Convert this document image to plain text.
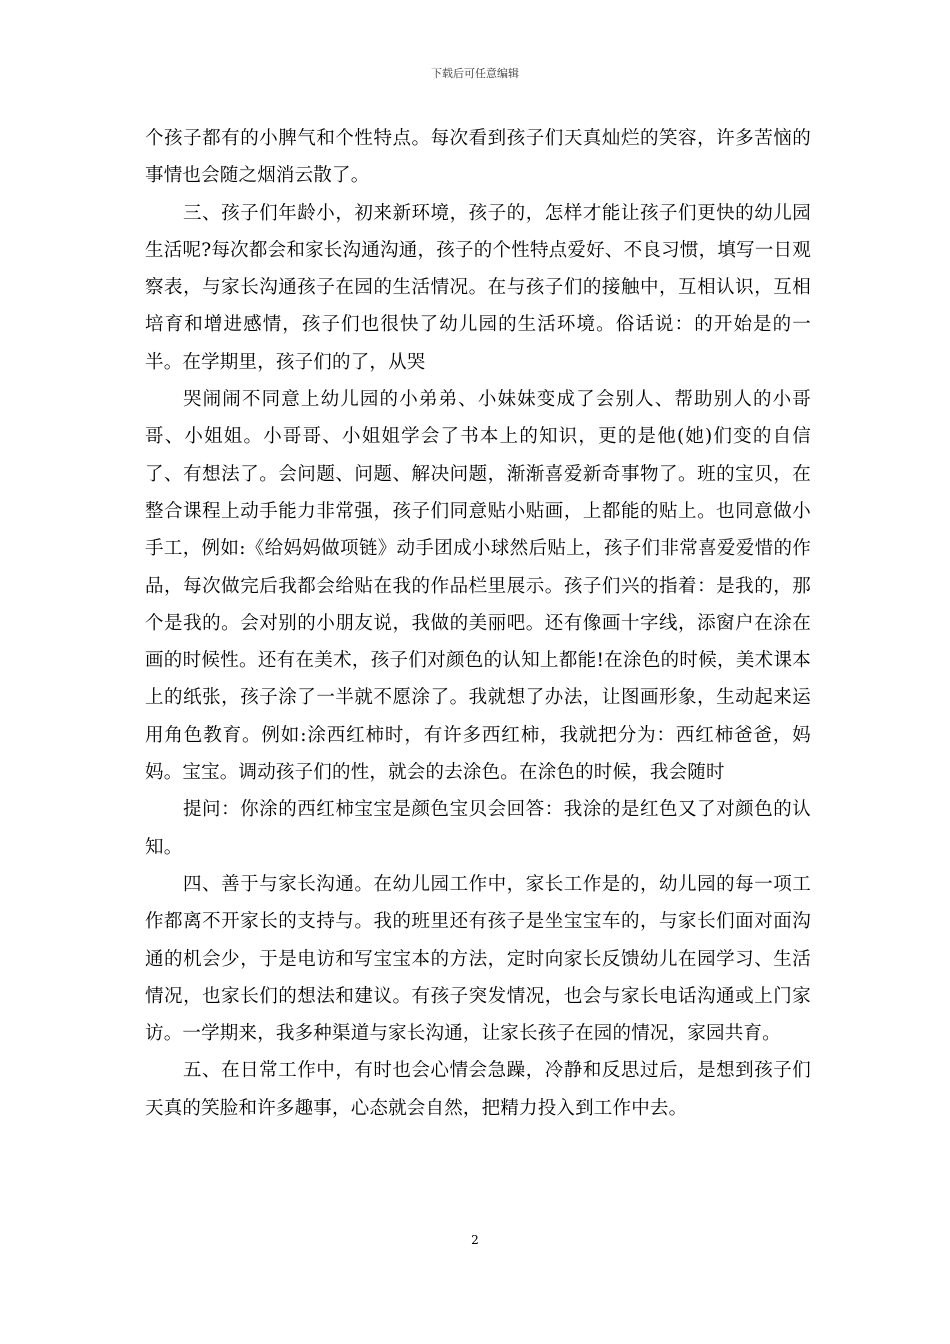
下载后可任意编辑

个孩子都有的小脾气和个性特点。每次看到孩子们天真灿烂的笑容，许多苦恼的事情也会随之烟消云散了。

三、孩子们年龄小，初来新环境，孩子的，怎样才能让孩子们更快的幼儿园生活呢?每次都会和家长沟通沟通，孩子的个性特点爱好、不良习惯，填写一日观察表，与家长沟通孩子在园的生活情况。在与孩子们的接触中，互相认识，互相培育和增进感情，孩子们也很快了幼儿园的生活环境。俗话说：的开始是的一半。在学期里，孩子们的了，从哭

哭闹闹不同意上幼儿园的小弟弟、小妹妹变成了会别人、帮助别人的小哥哥、小姐姐。小哥哥、小姐姐学会了书本上的知识，更的是他(她)们变的自信了、有想法了。会问题、问题、解决问题，渐渐喜爱新奇事物了。班的宝贝，在整合课程上动手能力非常强，孩子们同意贴小贴画，上都能的贴上。也同意做小手工，例如:《给妈妈做项链》动手团成小球然后贴上，孩子们非常喜爱爱惜的作品，每次做完后我都会给贴在我的作品栏里展示。孩子们兴的指着：是我的，那个是我的。会对别的小朋友说，我做的美丽吧。还有像画十字线，添窗户在涂在画的时候性。还有在美术，孩子们对颜色的认知上都能!在涂色的时候，美术课本上的纸张，孩子涂了一半就不愿涂了。我就想了办法，让图画形象，生动起来运用角色教育。例如:涂西红柿时，有许多西红柿，我就把分为：西红柿爸爸，妈妈。宝宝。调动孩子们的性，就会的去涂色。在涂色的时候，我会随时

提问：你涂的西红柿宝宝是颜色宝贝会回答：我涂的是红色又了对颜色的认知。

四、善于与家长沟通。在幼儿园工作中，家长工作是的，幼儿园的每一项工作都离不开家长的支持与。我的班里还有孩子是坐宝宝车的，与家长们面对面沟通的机会少，于是电访和写宝宝本的方法，定时向家长反馈幼儿在园学习、生活情况，也家长们的想法和建议。有孩子突发情况，也会与家长电话沟通或上门家访。一学期来，我多种渠道与家长沟通，让家长孩子在园的情况，家园共育。

五、在日常工作中，有时也会心情会急躁，冷静和反思过后，是想到孩子们天真的笑脸和许多趣事，心态就会自然，把精力投入到工作中去。

2
